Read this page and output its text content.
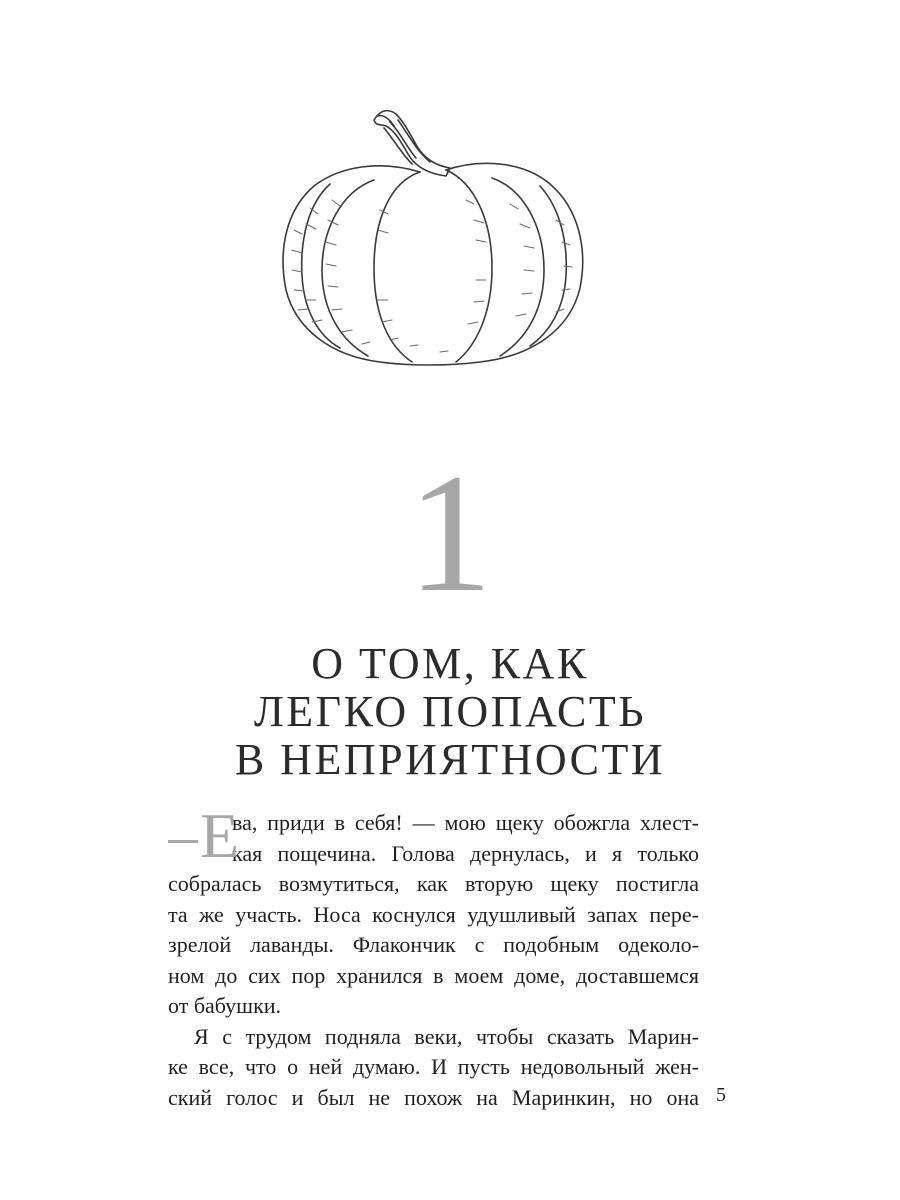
1
О ТОМ, КАК
ЛЕГКО ПОПАСТЬ
В НЕПРИЯТНОСТИ
Е
ва, приди в себя! — мою щеку обожгла хлест-
кая пощечина. Голова дернулась, и я только
собралась возмутиться, как вторую щеку постигла
та же участь. Носа коснулся удушливый запах пере-
зрелой лаванды. Флакончик с подобным одеколо-
ном до сих пор хранился в моем доме, доставшемся
от бабушки.
Я с трудом подняла веки, чтобы сказать Марин-
ке все, что о ней думаю. И пусть недовольный жен-
ский голос и был не похож на Маринкин, но она 5
